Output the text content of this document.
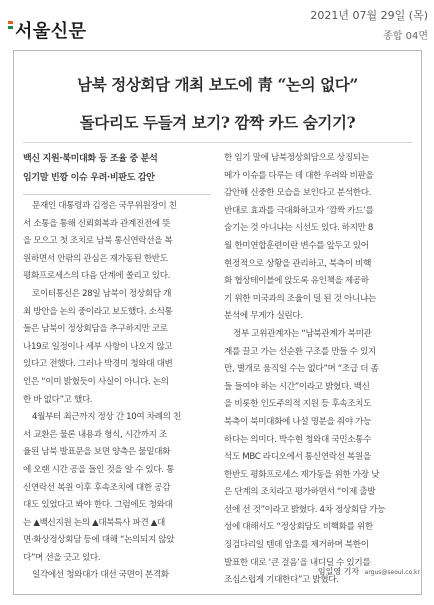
서울신문
2021년 07월 29일 (목)
종합 04면
남북 정상회담 개최 보도에 靑 “논의 없다”
돌다리도 두들겨 보기? 깜짝 카드 숨기기?
백신 지원·북미대화 등 조율 중 분석
임기말 빈깡 이슈 우려·비판도 감안
문재인 대통령과 김정은 국무위원장이 친
서 소통을 통해 신뢰회복과 관계진전에 뜻
을 모으고 첫 조치로 남북 통신연락선을 복
원하면서 안팎의 관심은 재가동된 한반도
평화프로세스의 다음 단계에 쏠리고 있다.
로이터통신은 28일 남북이 정상회담 개
최 방안을 논의 중이라고 보도했다. 소식통
들은 남북이 정상회담을 추구하지만 코로
나19로 일정이나 세부 사항이 나오지 않고
있다고 전했다. 그러나 박경미 청와대 대변
인은 “이미 밝혔듯이 사실이 아니다. 논의
한 바 없다”고 했다.
4월부터 최근까지 정상 간 10여 차례의 친
서 교환은 물론 내용과 형식, 시간까지 조
율된 남북 발표문을 보면 양측은 물밑대화
에 오랜 시간 공을 들인 것을 알 수 있다. 통
신연락선 복원 이후 후속조치에 대한 공감
대도 있었다고 봐야 한다. 그럼에도 청와대
는 ▲백신지원 논의 ▲대북특사 파견 ▲대
면·화상정상회담 등에 대해 “논의되지 않았
다”며 선을 긋고 있다.
일각에선 청와대가 대선 국면이 본격화
한 임기 말에 남북정상회담으로 상징되는
메가 이슈를 다루는 데 대한 우려와 비판을
감안해 신중한 모습을 보인다고 분석한다.
반대로 효과를 극대화하고자 ‘깜짝 카드’를
숨기는 것 아니냐는 시선도 있다. 하지만 8
월 한미연합훈련이란 변수를 앞두고 있어
현정적으로 상황을 관리하고, 북측이 비핵
화 협상테이블에 앉도록 유인책을 제공하
기 위한 미국과의 조율이 덜 된 것 아니냐는
분석에 무게가 실린다.
정부 고위관계자는 “남북관계가 북미관
계를 끌고 가는 선순환 구조를 만들 수 있지
만, 별개로 움직일 수는 없다”며 “조급 더 좀
들 들여야 하는 시간”이라고 밝혔다. 백신
을 비롯한 인도주의적 지원 등 후속조치도
북측이 북미대화에 나설 명분을 줘야 가능
하다는 의미다. 박수현 청와대 국민소통수
석도 MBC 라디오에서 통신연락선 복원을
한반도 평화프로세스 재가동을 위한 가장 낮
은 단계의 조치라고 평가하면서 “이제 출발
선에 선 것”이라고 밝혔다. 4차 정상회담 가능
성에 대해서도 “정상회담도 비핵화를 위한
징검다리일 텐데 암초를 제거하며 북한이
발표한 대로 ‘큰 걸음’을 내디딜 수 있기를
조심스럽게 기대한다”고 밝혔다.
임일영 기자 argus@seoul.co.kr
